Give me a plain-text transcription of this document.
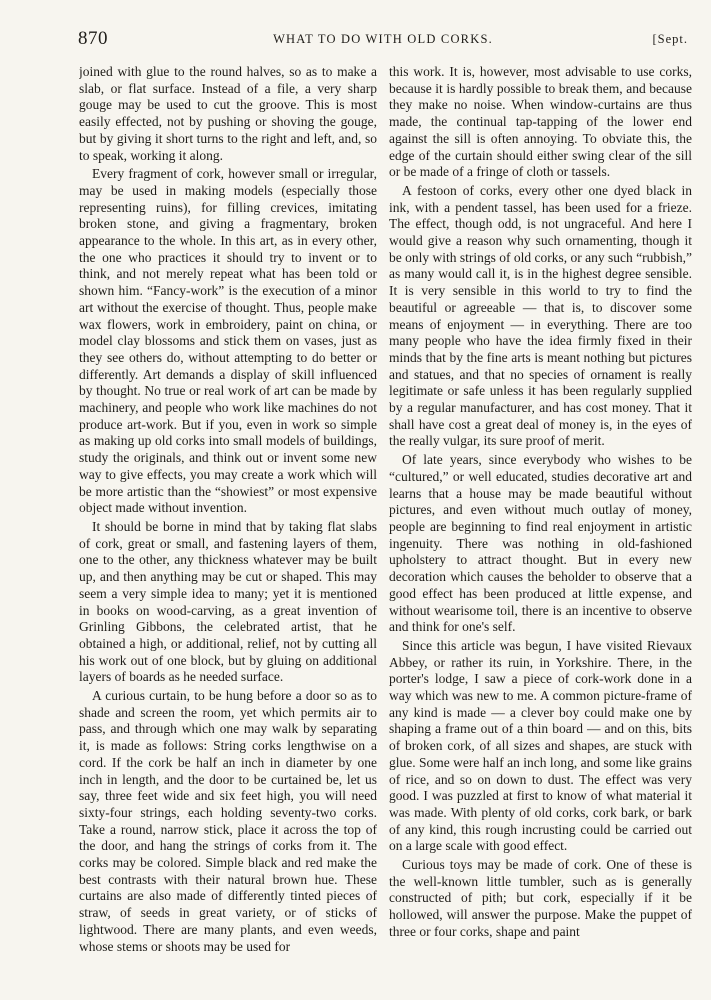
870	WHAT TO DO WITH OLD CORKS.	[Sept.

joined with glue to the round halves, so as to make a slab, or flat surface. Instead of a file, a very sharp gouge may be used to cut the groove. This is most easily effected, not by pushing or shoving the gouge, but by giving it short turns to the right and left, and, so to speak, working it along.

Every fragment of cork, however small or irregular, may be used in making models (especially those representing ruins), for filling crevices, imitating broken stone, and giving a fragmentary, broken appearance to the whole. In this art, as in every other, the one who practices it should try to invent or to think, and not merely repeat what has been told or shown him. “Fancy-work” is the execution of a minor art without the exercise of thought. Thus, people make wax flowers, work in embroidery, paint on china, or model clay blossoms and stick them on vases, just as they see others do, without attempting to do better or differently. Art demands a display of skill influenced by thought. No true or real work of art can be made by machinery, and people who work like machines do not produce art-work. But if you, even in work so simple as making up old corks into small models of buildings, study the originals, and think out or invent some new way to give effects, you may create a work which will be more artistic than the “showiest” or most expensive object made without invention.

It should be borne in mind that by taking flat slabs of cork, great or small, and fastening layers of them, one to the other, any thickness whatever may be built up, and then anything may be cut or shaped. This may seem a very simple idea to many; yet it is mentioned in books on wood-carving, as a great invention of Grinling Gibbons, the celebrated artist, that he obtained a high, or additional, relief, not by cutting all his work out of one block, but by gluing on additional layers of boards as he needed surface.

A curious curtain, to be hung before a door so as to shade and screen the room, yet which permits air to pass, and through which one may walk by separating it, is made as follows: String corks lengthwise on a cord. If the cork be half an inch in diameter by one inch in length, and the door to be curtained be, let us say, three feet wide and six feet high, you will need sixty-four strings, each holding seventy-two corks. Take a round, narrow stick, place it across the top of the door, and hang the strings of corks from it. The corks may be colored. Simple black and red make the best contrasts with their natural brown hue. These curtains are also made of differently tinted pieces of straw, of seeds in great variety, or of sticks of lightwood. There are many plants, and even weeds, whose stems or shoots may be used for

this work. It is, however, most advisable to use corks, because it is hardly possible to break them, and because they make no noise. When window-curtains are thus made, the continual tap-tapping of the lower end against the sill is often annoying. To obviate this, the edge of the curtain should either swing clear of the sill or be made of a fringe of cloth or tassels.

A festoon of corks, every other one dyed black in ink, with a pendent tassel, has been used for a frieze. The effect, though odd, is not ungraceful. And here I would give a reason why such ornamenting, though it be only with strings of old corks, or any such “rubbish,” as many would call it, is in the highest degree sensible. It is very sensible in this world to try to find the beautiful or agreeable — that is, to discover some means of enjoyment — in everything. There are too many people who have the idea firmly fixed in their minds that by the fine arts is meant nothing but pictures and statues, and that no species of ornament is really legitimate or safe unless it has been regularly supplied by a regular manufacturer, and has cost money. That it shall have cost a great deal of money is, in the eyes of the really vulgar, its sure proof of merit.

Of late years, since everybody who wishes to be “cultured,” or well educated, studies decorative art and learns that a house may be made beautiful without pictures, and even without much outlay of money, people are beginning to find real enjoyment in artistic ingenuity. There was nothing in old-fashioned upholstery to attract thought. But in every new decoration which causes the beholder to observe that a good effect has been produced at little expense, and without wearisome toil, there is an incentive to observe and think for one's self.

Since this article was begun, I have visited Rievaux Abbey, or rather its ruin, in Yorkshire. There, in the porter's lodge, I saw a piece of cork-work done in a way which was new to me. A common picture-frame of any kind is made — a clever boy could make one by shaping a frame out of a thin board — and on this, bits of broken cork, of all sizes and shapes, are stuck with glue. Some were half an inch long, and some like grains of rice, and so on down to dust. The effect was very good. I was puzzled at first to know of what material it was made. With plenty of old corks, cork bark, or bark of any kind, this rough incrusting could be carried out on a large scale with good effect.

Curious toys may be made of cork. One of these is the well-known little tumbler, such as is generally constructed of pith; but cork, especially if it be hollowed, will answer the purpose. Make the puppet of three or four corks, shape and paint
